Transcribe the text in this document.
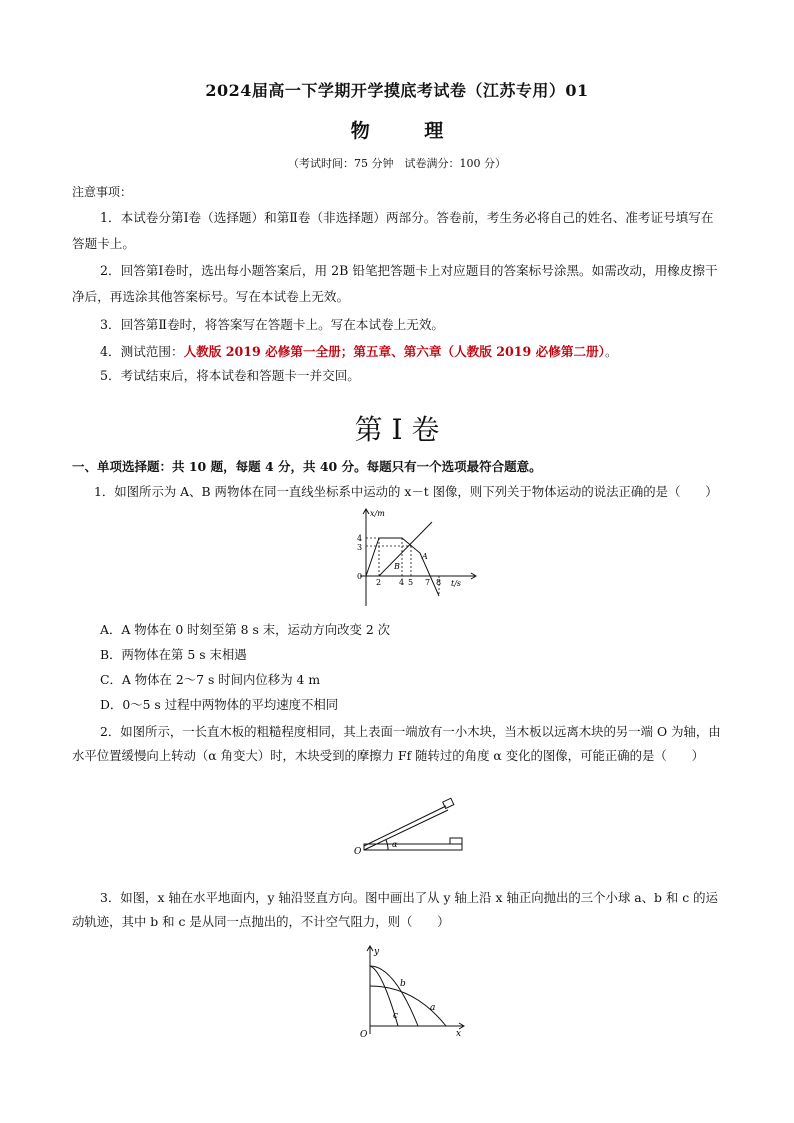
2024届高一下学期开学摸底考试卷（江苏专用）01
物 理
（考试时间：75 分钟　试卷满分：100 分）
注意事项：

1．本试卷分第Ⅰ卷（选择题）和第Ⅱ卷（非选择题）两部分。答卷前，考生务必将自己的姓名、准考证号填写在答题卡上。

2．回答第Ⅰ卷时，选出每小题答案后，用 2B 铅笔把答题卡上对应题目的答案标号涂黑。如需改动，用橡皮擦干净后，再选涂其他答案标号。写在本试卷上无效。

3．回答第Ⅱ卷时，将答案写在答题卡上。写在本试卷上无效。

4．测试范围：人教版 2019 必修第一全册；第五章、第六章（人教版 2019 必修第二册）。

5．考试结束后，将本试卷和答题卡一并交回。

第 I 卷
一、单项选择题：共 10 题，每题 4 分，共 40 分。每题只有一个选项最符合题意。

1．如图所示为 A、B 两物体在同一直线坐标系中运动的 x－t 图像，则下列关于物体运动的说法正确的是（　　）

x/m
t/s
0
4
3
2 4 5 7 8
A
B
A．A 物体在 0 时刻至第 8 s 末，运动方向改变 2 次
B．两物体在第 5 s 末相遇
C．A 物体在 2～7 s 时间内位移为 4 m
D．0～5 s 过程中两物体的平均速度不相同

2．如图所示，一长直木板的粗糙程度相同，其上表面一端放有一小木块，当木板以远离木块的另一端 O 为轴，由水平位置缓慢向上转动（α 角变大）时，木块受到的摩擦力 Ff 随转过的角度 α 变化的图像，可能正确的是（　　）

O
α

3．如图，x 轴在水平地面内，y 轴沿竖直方向。图中画出了从 y 轴上沿 x 轴正向抛出的三个小球 a、b 和 c 的运动轨迹，其中 b 和 c 是从同一点抛出的，不计空气阻力，则（　　）

y
x
O
a
b
c
